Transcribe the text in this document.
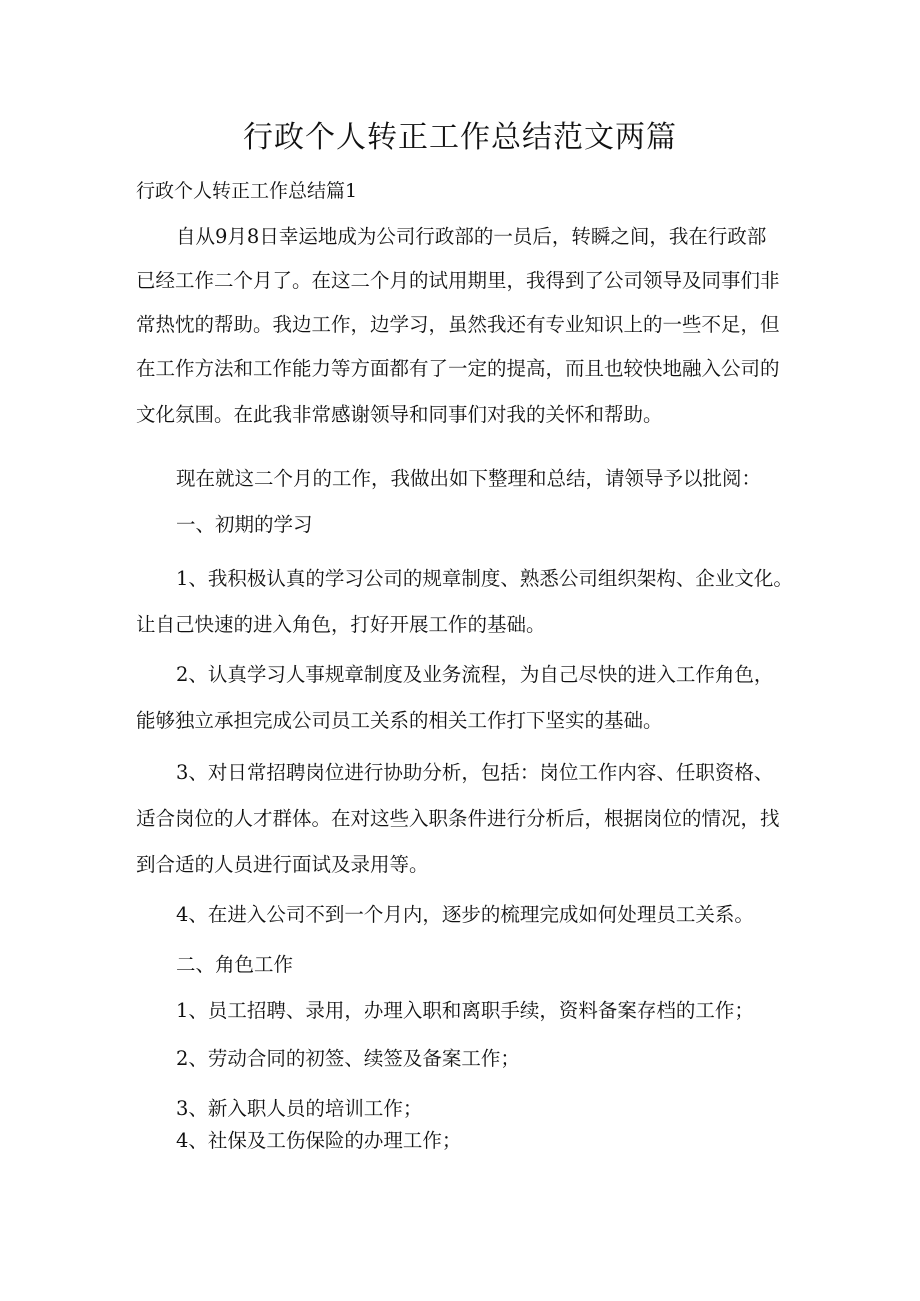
行政个人转正工作总结范文两篇
行政个人转正工作总结篇1
自从9月8日幸运地成为公司行政部的一员后，转瞬之间，我在行政部
已经工作二个月了。在这二个月的试用期里，我得到了公司领导及同事们非
常热忱的帮助。我边工作，边学习，虽然我还有专业知识上的一些不足，但
在工作方法和工作能力等方面都有了一定的提高，而且也较快地融入公司的
文化氛围。在此我非常感谢领导和同事们对我的关怀和帮助。
现在就这二个月的工作，我做出如下整理和总结，请领导予以批阅：
一、初期的学习
1、我积极认真的学习公司的规章制度、熟悉公司组织架构、企业文化。
让自己快速的进入角色，打好开展工作的基础。
2、认真学习人事规章制度及业务流程，为自己尽快的进入工作角色，
能够独立承担完成公司员工关系的相关工作打下坚实的基础。
3、对日常招聘岗位进行协助分析，包括：岗位工作内容、任职资格、
适合岗位的人才群体。在对这些入职条件进行分析后，根据岗位的情况，找
到合适的人员进行面试及录用等。
4、在进入公司不到一个月内，逐步的梳理完成如何处理员工关系。
二、角色工作
1、员工招聘、录用，办理入职和离职手续，资料备案存档的工作；
2、劳动合同的初签、续签及备案工作；
3、新入职人员的培训工作；
4、社保及工伤保险的办理工作；
